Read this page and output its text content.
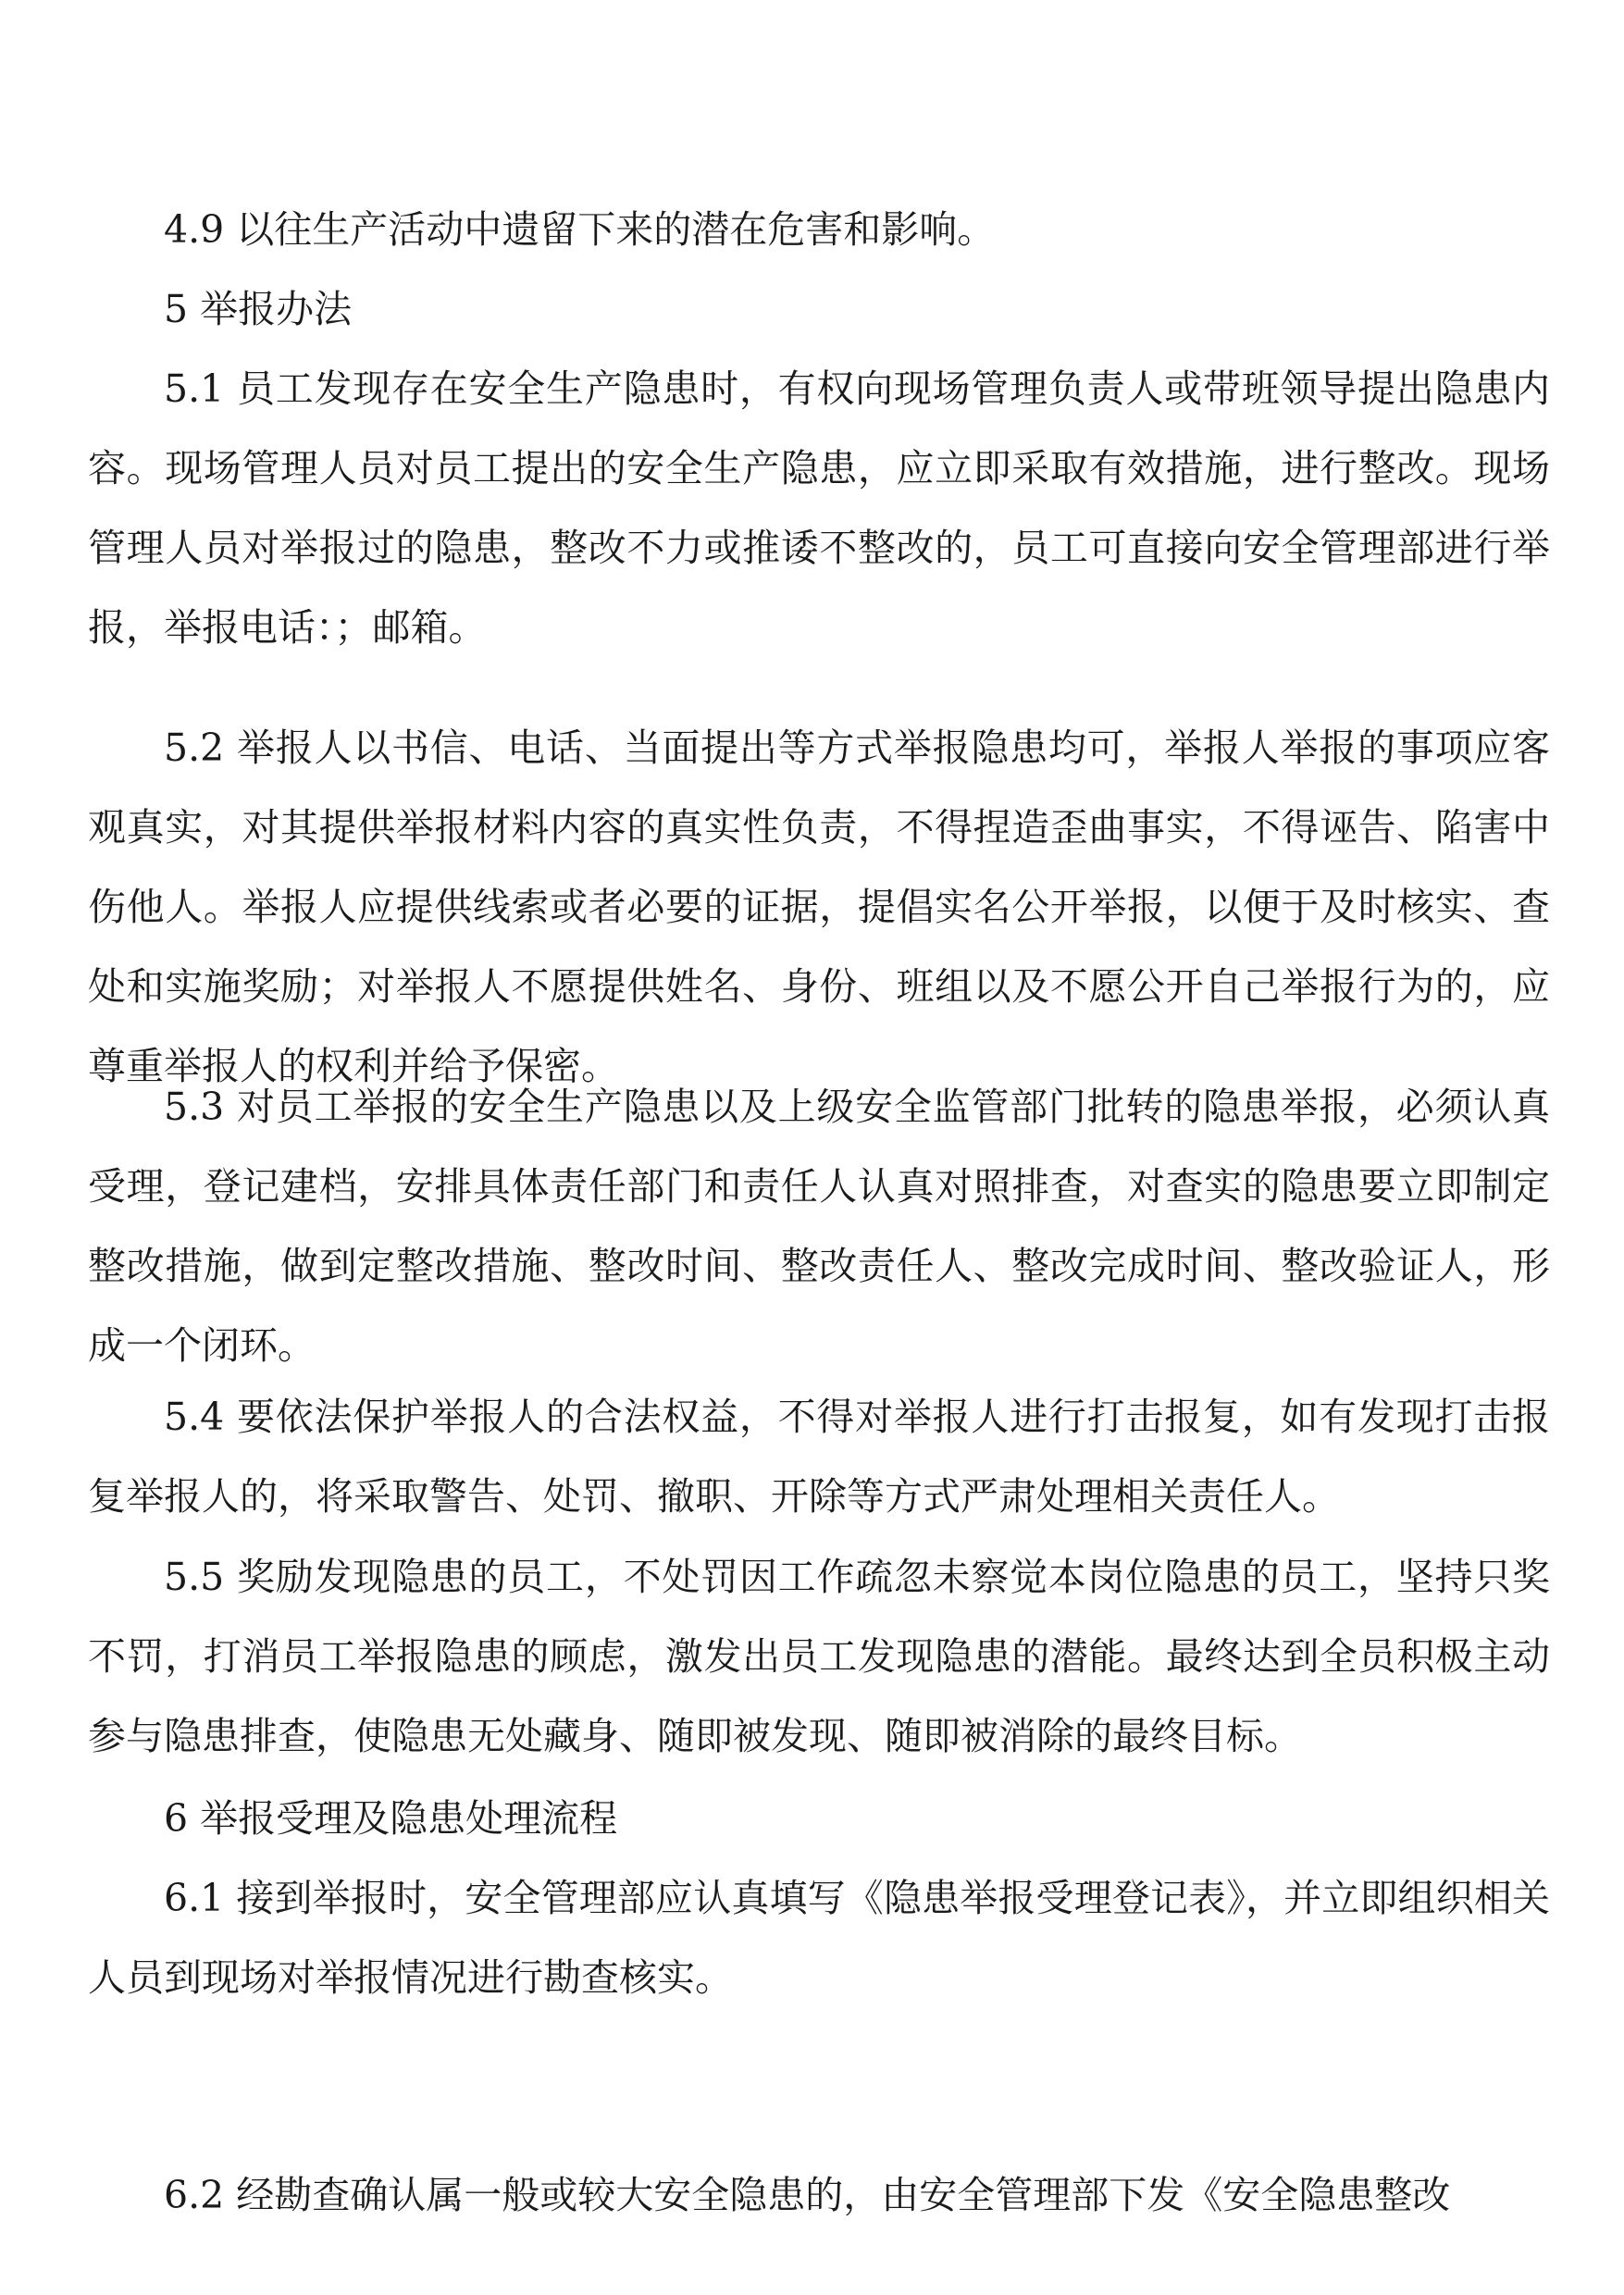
4.9 以往生产活动中遗留下来的潜在危害和影响。

5 举报办法

5.1 员工发现存在安全生产隐患时，有权向现场管理负责人或带班领导提出隐患内容。现场管理人员对员工提出的安全生产隐患，应立即采取有效措施，进行整改。现场管理人员对举报过的隐患，整改不力或推诿不整改的，员工可直接向安全管理部进行举报，举报电话：；邮箱。

5.2 举报人以书信、电话、当面提出等方式举报隐患均可，举报人举报的事项应客观真实，对其提供举报材料内容的真实性负责，不得捏造歪曲事实，不得诬告、陷害中伤他人。举报人应提供线索或者必要的证据，提倡实名公开举报，以便于及时核实、查处和实施奖励；对举报人不愿提供姓名、身份、班组以及不愿公开自己举报行为的，应尊重举报人的权利并给予保密。

5.3 对员工举报的安全生产隐患以及上级安全监管部门批转的隐患举报，必须认真受理，登记建档，安排具体责任部门和责任人认真对照排查，对查实的隐患要立即制定整改措施，做到定整改措施、整改时间、整改责任人、整改完成时间、整改验证人，形成一个闭环。

5.4 要依法保护举报人的合法权益，不得对举报人进行打击报复，如有发现打击报复举报人的，将采取警告、处罚、撤职、开除等方式严肃处理相关责任人。

5.5 奖励发现隐患的员工，不处罚因工作疏忽未察觉本岗位隐患的员工，坚持只奖不罚，打消员工举报隐患的顾虑，激发出员工发现隐患的潜能。最终达到全员积极主动参与隐患排查，使隐患无处藏身、随即被发现、随即被消除的最终目标。

6 举报受理及隐患处理流程

6.1 接到举报时，安全管理部应认真填写《隐患举报受理登记表》，并立即组织相关人员到现场对举报情况进行勘查核实。

6.2 经勘查确认属一般或较大安全隐患的，由安全管理部下发《安全隐患整改
